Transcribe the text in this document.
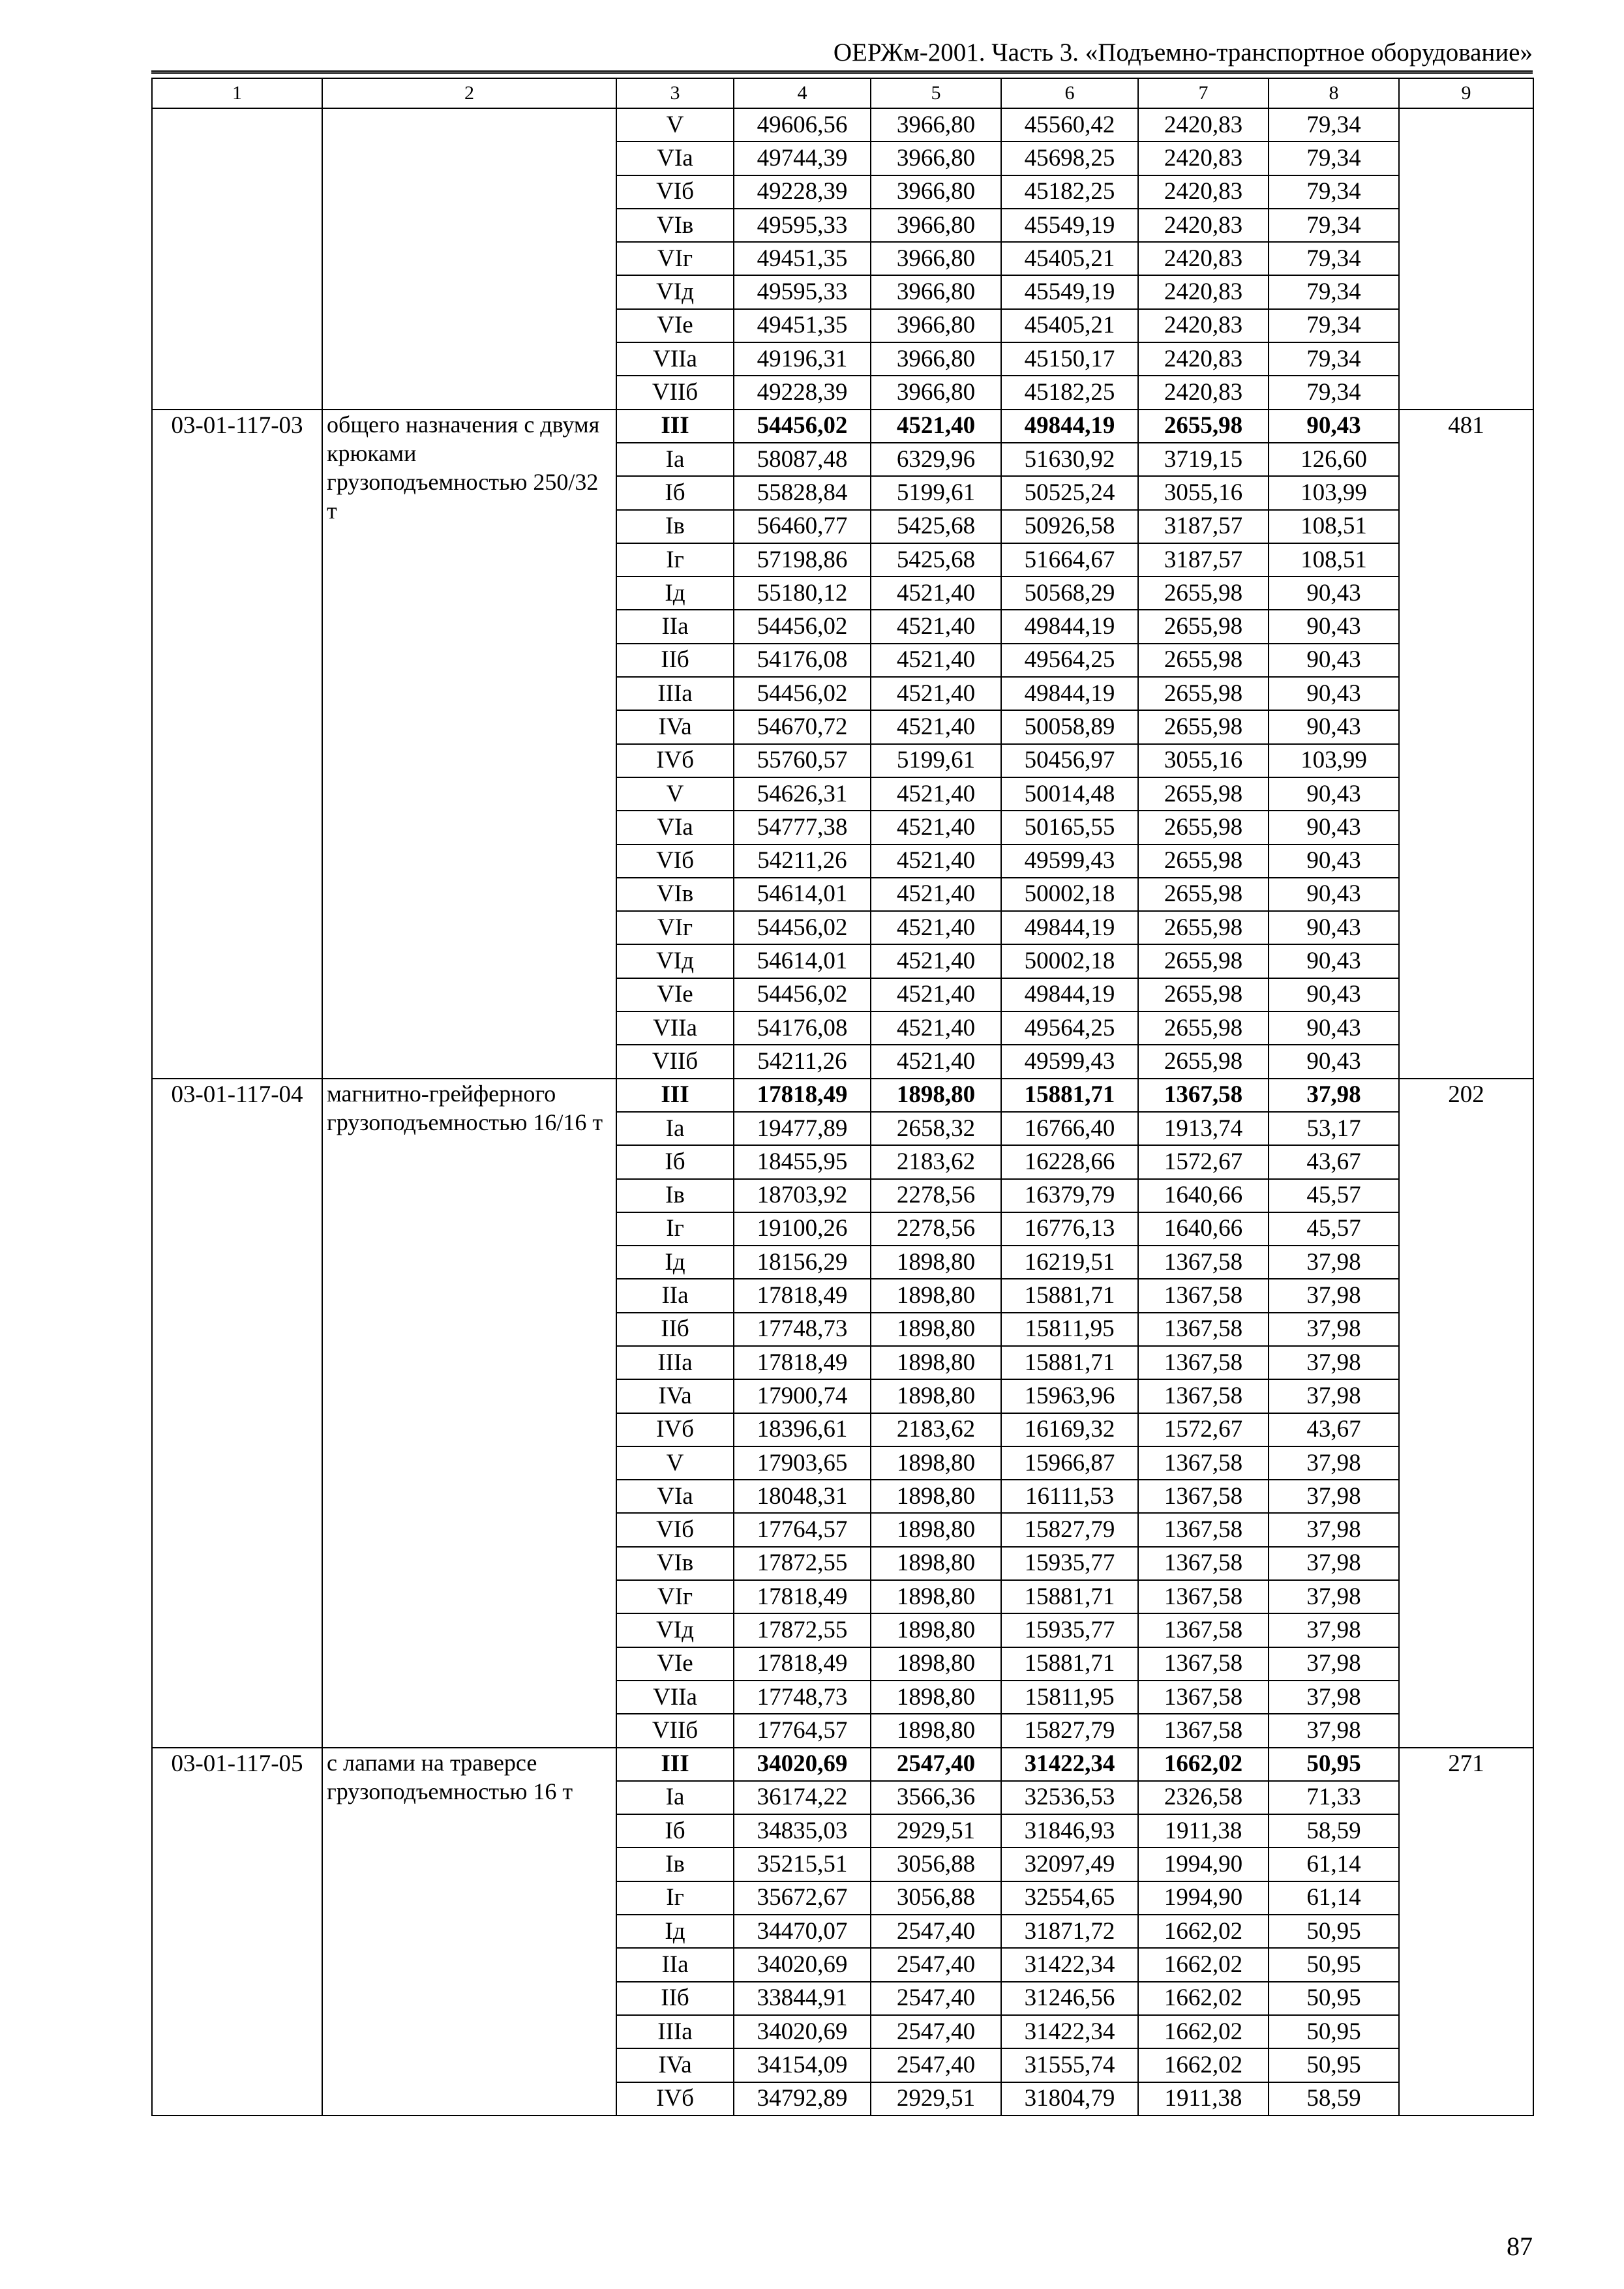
ОЕРЖм-2001. Часть 3. «Подъемно-транспортное оборудование»
1	2	3	4	5	6	7	8	9
		V	49606,56	3966,80	45560,42	2420,83	79,34	
		VIa	49744,39	3966,80	45698,25	2420,83	79,34	
		VIб	49228,39	3966,80	45182,25	2420,83	79,34	
		VIв	49595,33	3966,80	45549,19	2420,83	79,34	
		VIг	49451,35	3966,80	45405,21	2420,83	79,34	
		VIд	49595,33	3966,80	45549,19	2420,83	79,34	
		VIe	49451,35	3966,80	45405,21	2420,83	79,34	
		VIIa	49196,31	3966,80	45150,17	2420,83	79,34	
		VIIб	49228,39	3966,80	45182,25	2420,83	79,34	
03-01-117-03	общего назначения с двумя крюками грузоподъемностью 250/32 т	III	54456,02	4521,40	49844,19	2655,98	90,43	481
		Ia	58087,48	6329,96	51630,92	3719,15	126,60	
		Iб	55828,84	5199,61	50525,24	3055,16	103,99	
		Iв	56460,77	5425,68	50926,58	3187,57	108,51	
		Iг	57198,86	5425,68	51664,67	3187,57	108,51	
		Iд	55180,12	4521,40	50568,29	2655,98	90,43	
		IIa	54456,02	4521,40	49844,19	2655,98	90,43	
		IIб	54176,08	4521,40	49564,25	2655,98	90,43	
		IIIa	54456,02	4521,40	49844,19	2655,98	90,43	
		IVa	54670,72	4521,40	50058,89	2655,98	90,43	
		IVб	55760,57	5199,61	50456,97	3055,16	103,99	
		V	54626,31	4521,40	50014,48	2655,98	90,43	
		VIa	54777,38	4521,40	50165,55	2655,98	90,43	
		VIб	54211,26	4521,40	49599,43	2655,98	90,43	
		VIв	54614,01	4521,40	50002,18	2655,98	90,43	
		VIг	54456,02	4521,40	49844,19	2655,98	90,43	
		VIд	54614,01	4521,40	50002,18	2655,98	90,43	
		VIe	54456,02	4521,40	49844,19	2655,98	90,43	
		VIIa	54176,08	4521,40	49564,25	2655,98	90,43	
		VIIб	54211,26	4521,40	49599,43	2655,98	90,43	
03-01-117-04	магнитно-грейферного грузоподъемностью 16/16 т	III	17818,49	1898,80	15881,71	1367,58	37,98	202
		Ia	19477,89	2658,32	16766,40	1913,74	53,17	
		Iб	18455,95	2183,62	16228,66	1572,67	43,67	
		Iв	18703,92	2278,56	16379,79	1640,66	45,57	
		Iг	19100,26	2278,56	16776,13	1640,66	45,57	
		Iд	18156,29	1898,80	16219,51	1367,58	37,98	
		IIa	17818,49	1898,80	15881,71	1367,58	37,98	
		IIб	17748,73	1898,80	15811,95	1367,58	37,98	
		IIIa	17818,49	1898,80	15881,71	1367,58	37,98	
		IVa	17900,74	1898,80	15963,96	1367,58	37,98	
		IVб	18396,61	2183,62	16169,32	1572,67	43,67	
		V	17903,65	1898,80	15966,87	1367,58	37,98	
		VIa	18048,31	1898,80	16111,53	1367,58	37,98	
		VIб	17764,57	1898,80	15827,79	1367,58	37,98	
		VIв	17872,55	1898,80	15935,77	1367,58	37,98	
		VIг	17818,49	1898,80	15881,71	1367,58	37,98	
		VIд	17872,55	1898,80	15935,77	1367,58	37,98	
		VIe	17818,49	1898,80	15881,71	1367,58	37,98	
		VIIa	17748,73	1898,80	15811,95	1367,58	37,98	
		VIIб	17764,57	1898,80	15827,79	1367,58	37,98	
03-01-117-05	с лапами на траверсе грузоподъемностью 16 т	III	34020,69	2547,40	31422,34	1662,02	50,95	271
		Ia	36174,22	3566,36	32536,53	2326,58	71,33	
		Iб	34835,03	2929,51	31846,93	1911,38	58,59	
		Iв	35215,51	3056,88	32097,49	1994,90	61,14	
		Iг	35672,67	3056,88	32554,65	1994,90	61,14	
		Iд	34470,07	2547,40	31871,72	1662,02	50,95	
		IIa	34020,69	2547,40	31422,34	1662,02	50,95	
		IIб	33844,91	2547,40	31246,56	1662,02	50,95	
		IIIa	34020,69	2547,40	31422,34	1662,02	50,95	
		IVa	34154,09	2547,40	31555,74	1662,02	50,95	
		IVб	34792,89	2929,51	31804,79	1911,38	58,59	
87
